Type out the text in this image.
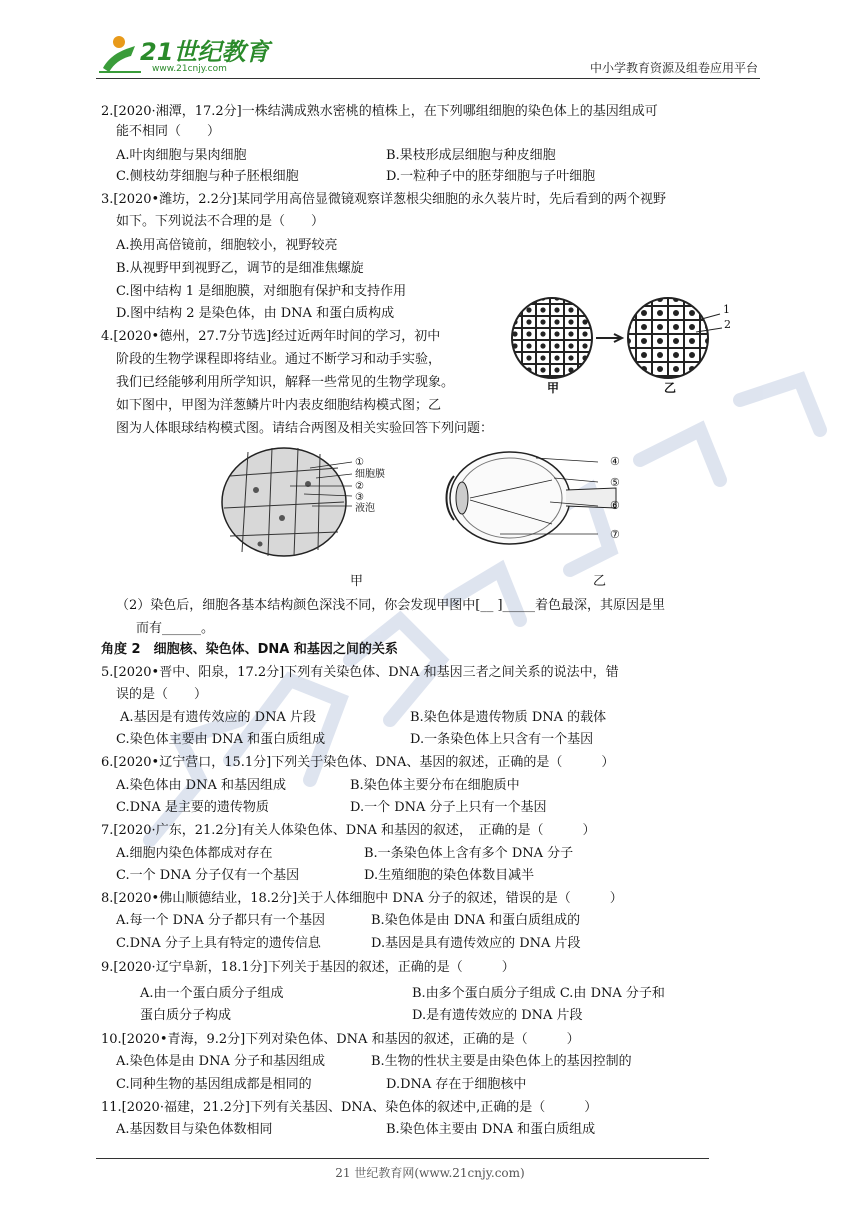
21世纪教育
www.21cnjy.com	中小学教育资源及组卷应用平台
2.[2020·湘潭，17.2分]一株结满成熟水密桃的植株上，在下列哪组细胞的染色体上的基因组成可
能不相同（　　）
A.叶肉细胞与果肉细胞	B.果枝形成层细胞与种皮细胞
C.侧枝幼芽细胞与种子胚根细胞	D.一粒种子中的胚芽细胞与子叶细胞
3.[2020•潍坊，2.2分]某同学用高倍显微镜观察详葱根尖细胞的永久装片时，先后看到的两个视野
如下。下列说法不合理的是（　　）
A.换用高倍镜前，细胞较小，视野较亮
B.从视野甲到视野乙，调节的是细准焦螺旋
C.图中结构 1 是细胞膜，对细胞有保护和支持作用
D.图中结构 2 是染色体，由 DNA 和蛋白质构成	1
2
甲	乙
4.[2020•德州，27.7分节选]经过近两年时间的学习，初中
阶段的生物学课程即将结业。通过不断学习和动手实验，
我们已经能够利用所学知识，解释一些常见的生物学现象。
如下图中，甲图为洋葱鳞片叶内表皮细胞结构模式图；乙
图为人体眼球结构模式图。请结合两图及相关实验回答下列问题：
①
细胞膜
②
③
液泡
④
⑤
⑥
⑦
甲	乙
（2）染色后，细胞各基本结构颜色深浅不同，你会发现甲图中[__ ]_____着色最深，其原因是里
而有______。
角度 2　细胞核、染色体、DNA 和基因之间的关系
5.[2020•晋中、阳泉，17.2分]下列有关染色体、DNA 和基因三者之间关系的说法中，错
误的是（　　）
A.基因是有遗传效应的 DNA 片段	B.染色体是遗传物质 DNA 的载体
C.染色体主要由 DNA 和蛋白质组成	D.一条染色体上只含有一个基因
6.[2020•辽宁营口，15.1分]下列关于染色体、DNA、基因的叙述，正确的是（　　　）
A.染色体由 DNA 和基因组成	B.染色体主要分布在细胞质中
C.DNA 是主要的遗传物质	D.一个 DNA 分子上只有一个基因
7.[2020·广东，21.2分]有关人体染色体、DNA 和基因的叙述，　正确的是（　　　）
A.细胞内染色体都成对存在	B.一条染色体上含有多个 DNA 分子
C.一个 DNA 分子仅有一个基因	D.生殖细胞的染色体数目减半
8.[2020•佛山顺德结业，18.2分]关于人体细胞中 DNA 分子的叙述，错误的是（　　　）
A.每一个 DNA 分子都只有一个基因	B.染色体是由 DNA 和蛋白质组成的
C.DNA 分子上具有特定的遗传信息	D.基因是具有遗传效应的 DNA 片段
9.[2020·辽宁阜新，18.1分]下列关于基因的叙述，正确的是（　　　）
A.由一个蛋白质分子组成	B.由多个蛋白质分子组成 C.由 DNA 分子和
蛋白质分子构成	D.是有遗传效应的 DNA 片段
10.[2020•青海，9.2分]下列对染色体、DNA 和基因的叙述，正确的是（　　　）
A.染色体是由 DNA 分子和基因组成	B.生物的性状主要是由染色体上的基因控制的
C.同种生物的基因组成都是相同的	D.DNA 存在于细胞核中
11.[2020·福建，21.2分]下列有关基因、DNA、染色体的叙述中,正确的是（　　　）
A.基因数目与染色体数相同	B.染色体主要由 DNA 和蛋白质组成
21 世纪教育网(www.21cnjy.com)
